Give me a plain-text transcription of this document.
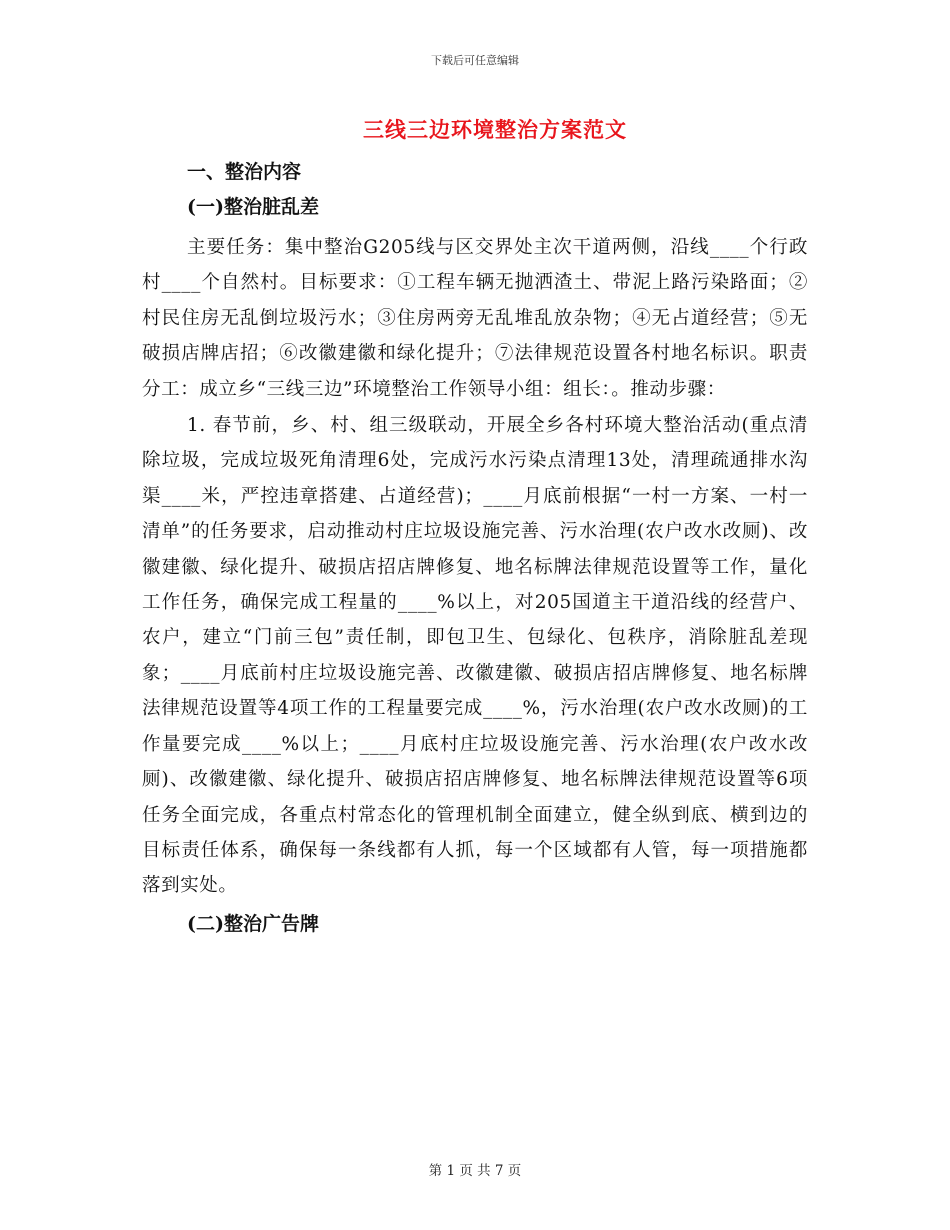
下载后可任意编辑
三线三边环境整治方案范文

一、整治内容

(一)整治脏乱差

主要任务：集中整治G205线与区交界处主次干道两侧，沿线____个行政村____个自然村。目标要求：①工程车辆无抛洒渣土、带泥上路污染路面；②村民住房无乱倒垃圾污水；③住房两旁无乱堆乱放杂物；④无占道经营；⑤无破损店牌店招；⑥改徽建徽和绿化提升；⑦法律规范设置各村地名标识。职责分工：成立乡“三线三边”环境整治工作领导小组：组长：。推动步骤：

1. 春节前，乡、村、组三级联动，开展全乡各村环境大整治活动(重点清除垃圾，完成垃圾死角清理6处，完成污水污染点清理13处，清理疏通排水沟渠____米，严控违章搭建、占道经营)；____月底前根据“一村一方案、一村一清单”的任务要求，启动推动村庄垃圾设施完善、污水治理(农户改水改厕)、改徽建徽、绿化提升、破损店招店牌修复、地名标牌法律规范设置等工作，量化工作任务，确保完成工程量的____%以上，对205国道主干道沿线的经营户、农户，建立“门前三包”责任制，即包卫生、包绿化、包秩序，消除脏乱差现象；____月底前村庄垃圾设施完善、改徽建徽、破损店招店牌修复、地名标牌法律规范设置等4项工作的工程量要完成____%，污水治理(农户改水改厕)的工作量要完成____%以上；____月底村庄垃圾设施完善、污水治理(农户改水改厕)、改徽建徽、绿化提升、破损店招店牌修复、地名标牌法律规范设置等6项任务全面完成，各重点村常态化的管理机制全面建立，健全纵到底、横到边的目标责任体系，确保每一条线都有人抓，每一个区域都有人管，每一项措施都落到实处。

(二)整治广告牌

第 1 页 共 7 页
